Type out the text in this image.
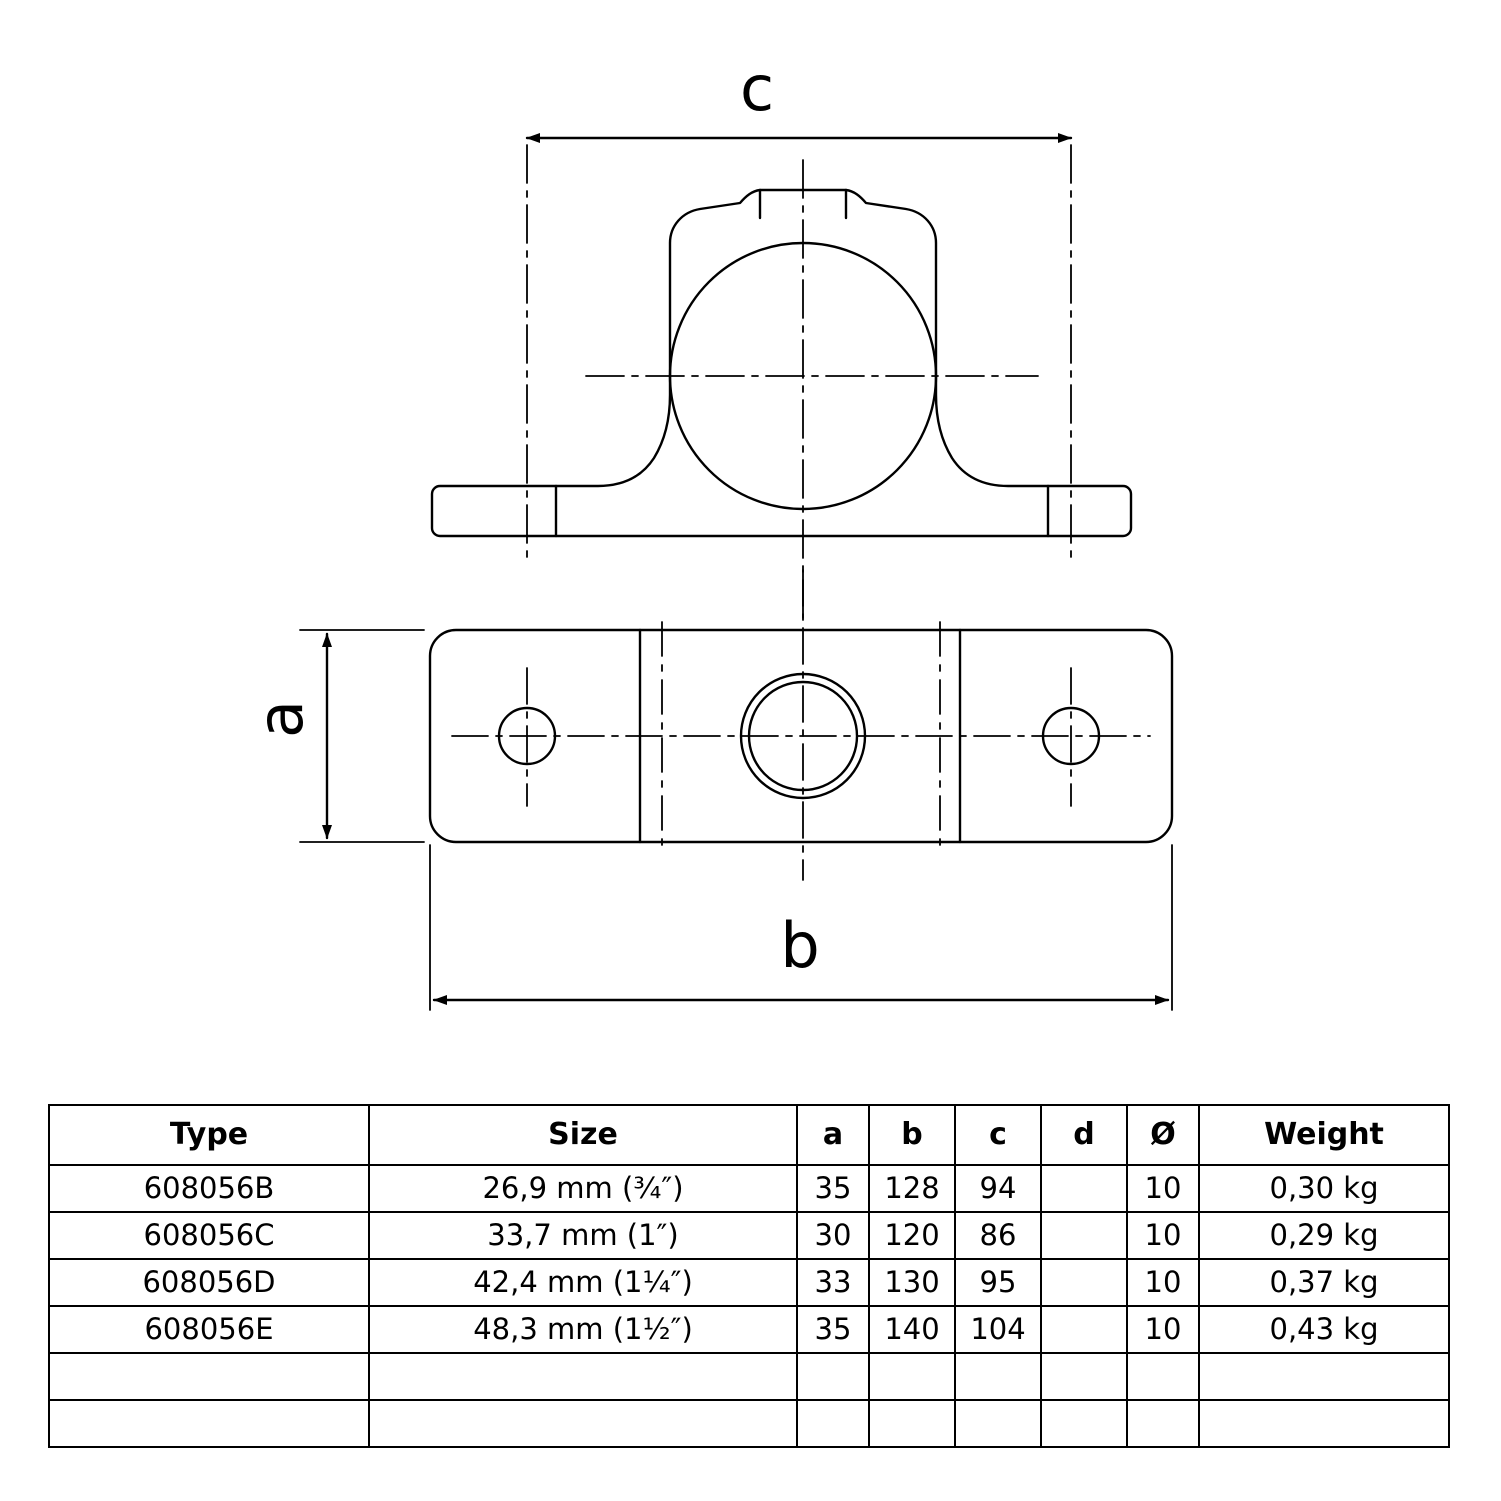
c
b
a
Type	Size	a	b	c	d	Ø	Weight
608056B	26,9 mm (¾″)	35	128	94		10	0,30 kg
608056C	33,7 mm (1″)	30	120	86		10	0,29 kg
608056D	42,4 mm (1¼″)	33	130	95		10	0,37 kg
608056E	48,3 mm (1½″)	35	140	104		10	0,43 kg
